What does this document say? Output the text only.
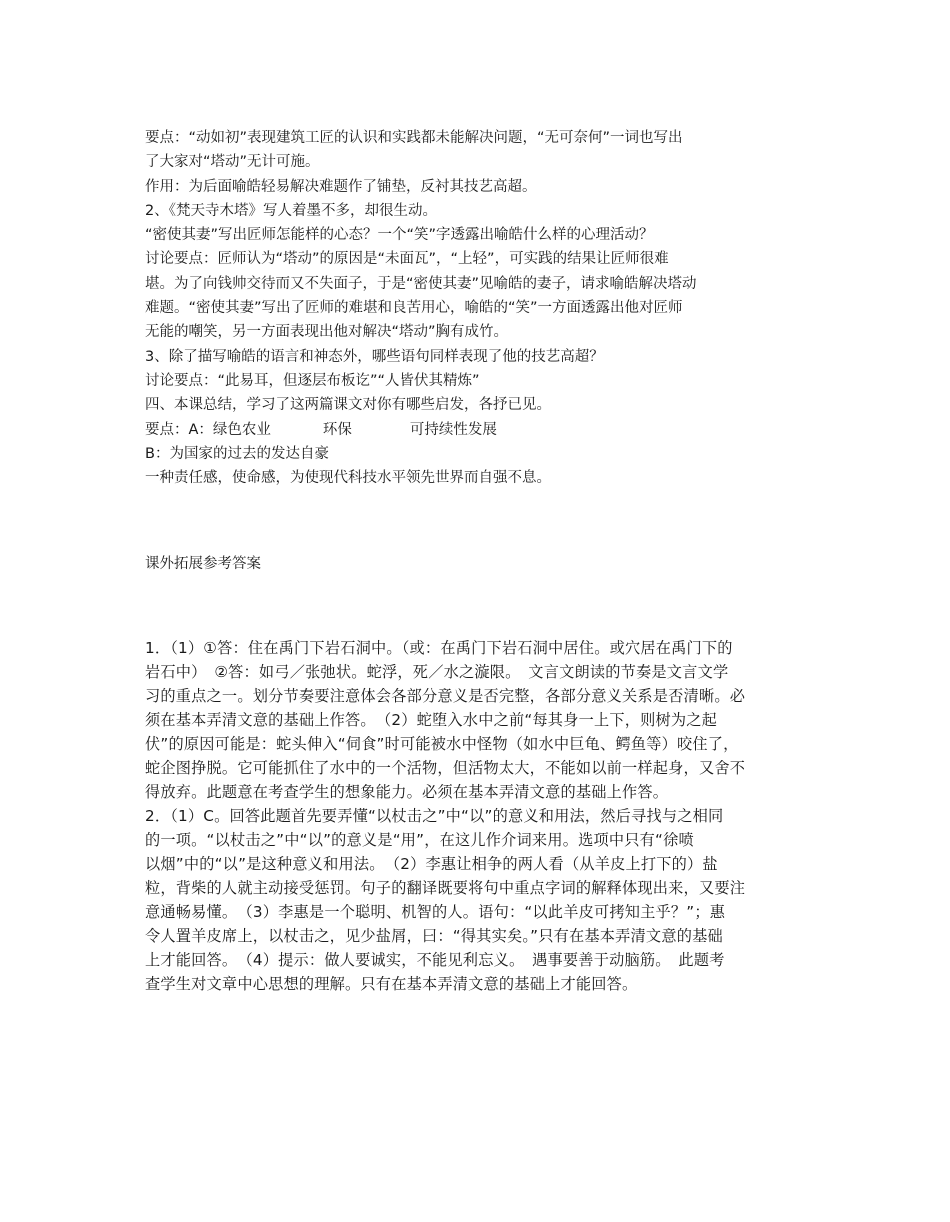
要点：“动如初”表现建筑工匠的认识和实践都未能解决问题，“无可奈何”一词也写出
了大家对“塔动”无计可施。
作用：为后面喻皓轻易解决难题作了铺垫，反衬其技艺高超。
2、《梵天寺木塔》写人着墨不多，却很生动。
“密使其妻”写出匠师怎能样的心态？一个“笑”字透露出喻皓什么样的心理活动？
讨论要点：匠师认为“塔动”的原因是“未面瓦”，“上轻”，可实践的结果让匠师很难
堪。为了向钱帅交待而又不失面子，于是“密使其妻”见喻皓的妻子，请求喻皓解决塔动
难题。“密使其妻”写出了匠师的难堪和良苦用心，喻皓的“笑”一方面透露出他对匠师
无能的嘲笑，另一方面表现出他对解决“塔动”胸有成竹。
3、除了描写喻皓的语言和神态外，哪些语句同样表现了他的技艺高超？
讨论要点：“此易耳，但逐层布板讫”“人皆伏其精炼”
四、本课总结，学习了这两篇课文对你有哪些启发，各抒已见。
要点：A：绿色农业	环保	可持续性发展
B：为国家的过去的发达自豪
一种责任感，使命感，为使现代科技水平领先世界而自强不息。
课外拓展参考答案
1．（1）①答：住在禹门下岩石洞中。（或：在禹门下岩石洞中居住。或穴居在禹门下的
岩石中）　②答：如弓／张弛状。蛇浮，死／水之漩限。　文言文朗读的节奏是文言文学
习的重点之一。划分节奏要注意体会各部分意义是否完整，各部分意义关系是否清晰。必
须在基本弄清文意的基础上作答。　（2）蛇堕入水中之前“每其身一上下，则树为之起
伏”的原因可能是：蛇头伸入“伺食”时可能被水中怪物（如水中巨龟、鳄鱼等）咬住了，
蛇企图挣脱。它可能抓住了水中的一个活物，但活物太大，不能如以前一样起身，又舍不
得放弃。此题意在考查学生的想象能力。必须在基本弄清文意的基础上作答。
2．（1）C。回答此题首先要弄懂“以杖击之”中“以”的意义和用法，然后寻找与之相同
的一项。“以杖击之”中“以”的意义是“用”，在这儿作介词来用。选项中只有“徐喷
以烟”中的“以”是这种意义和用法。　（2）李惠让相争的两人看（从羊皮上打下的）盐
粒，背柴的人就主动接受惩罚。句子的翻译既要将句中重点字词的解释体现出来，又要注
意通畅易懂。　（3）李惠是一个聪明、机智的人。语句：“以此羊皮可拷知主乎？”；惠
令人置羊皮席上，以杖击之，见少盐屑，曰：“得其实矣。”只有在基本弄清文意的基础
上才能回答。　（4）提示：做人要诚实，不能见利忘义。　遇事要善于动脑筋。　此题考
查学生对文章中心思想的理解。只有在基本弄清文意的基础上才能回答。
